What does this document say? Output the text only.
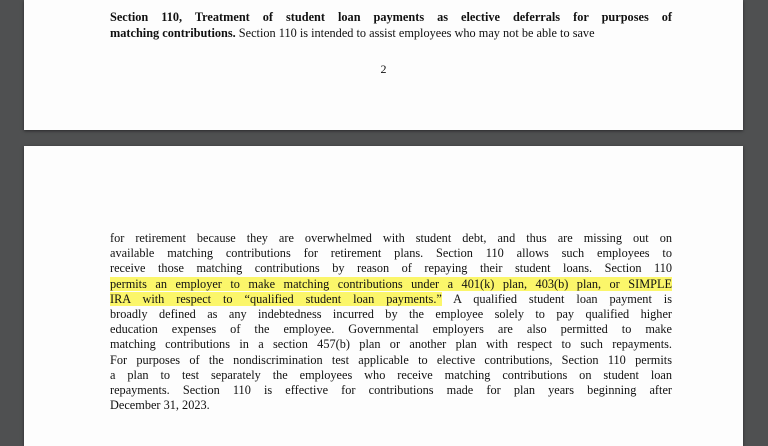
Section 110, Treatment of student loan payments as elective deferrals for purposes of
matching contributions. Section 110 is intended to assist employees who may not be able to save
2
for retirement because they are overwhelmed with student debt, and thus are missing out on
available matching contributions for retirement plans. Section 110 allows such employees to
receive those matching contributions by reason of repaying their student loans. Section 110
permits an employer to make matching contributions under a 401(k) plan, 403(b) plan, or SIMPLE
IRA with respect to “qualified student loan payments.” A qualified student loan payment is
broadly defined as any indebtedness incurred by the employee solely to pay qualified higher
education expenses of the employee. Governmental employers are also permitted to make
matching contributions in a section 457(b) plan or another plan with respect to such repayments.
For purposes of the nondiscrimination test applicable to elective contributions, Section 110 permits
a plan to test separately the employees who receive matching contributions on student loan
repayments. Section 110 is effective for contributions made for plan years beginning after
December 31, 2023.
